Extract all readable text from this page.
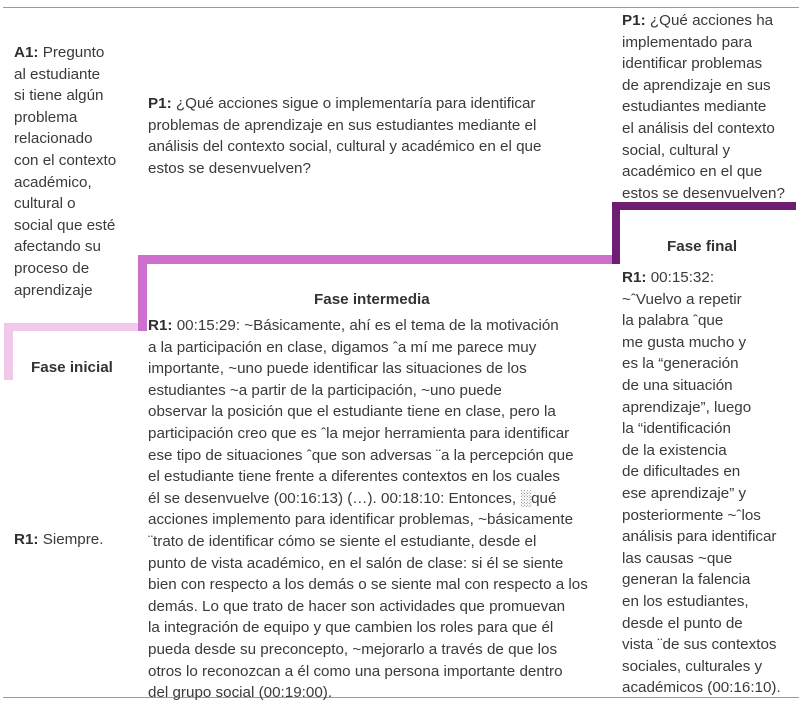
A1: Pregunto
al estudiante
si tiene algún
problema
relacionado
con el contexto
académico,
cultural o
social que esté
afectando su
proceso de
aprendizaje

Fase inicial

R1: Siempre.

P1: ¿Qué acciones sigue o implementaría para identificar
problemas de aprendizaje en sus estudiantes mediante el
análisis del contexto social, cultural y académico en el que
estos se desenvuelven?

Fase intermedia

R1: 00:15:29: ~Básicamente, ahí es el tema de la motivación
a la participación en clase, digamos ˆa mí me parece muy
importante, ~uno puede identificar las situaciones de los
estudiantes ~a partir de la participación, ~uno puede
observar la posición que el estudiante tiene en clase, pero la
participación creo que es ˆla mejor herramienta para identificar
ese tipo de situaciones ˆque son adversas ¨a la percepción que
el estudiante tiene frente a diferentes contextos en los cuales
él se desenvuelve (00:16:13) (…). 00:18:10: Entonces, ░qué
acciones implemento para identificar problemas, ~básicamente
¨trato de identificar cómo se siente el estudiante, desde el
punto de vista académico, en el salón de clase: si él se siente
bien con respecto a los demás o se siente mal con respecto a los
demás. Lo que trato de hacer son actividades que promuevan
la integración de equipo y que cambien los roles para que él
pueda desde su preconcepto, ~mejorarlo a través de que los
otros lo reconozcan a él como una persona importante dentro
del grupo social (00:19:00).

P1: ¿Qué acciones ha
implementado para
identificar problemas
de aprendizaje en sus
estudiantes mediante
el análisis del contexto
social, cultural y
académico en el que
estos se desenvuelven?

Fase final

R1: 00:15:32:
~ˆVuelvo a repetir
la palabra ˆque
me gusta mucho y
es la “generación
de una situación
aprendizaje”, luego
la “identificación
de la existencia
de dificultades en
ese aprendizaje” y
posteriormente ~ˆlos
análisis para identificar
las causas ~que
generan la falencia
en los estudiantes,
desde el punto de
vista ¨de sus contextos
sociales, culturales y
académicos (00:16:10).
